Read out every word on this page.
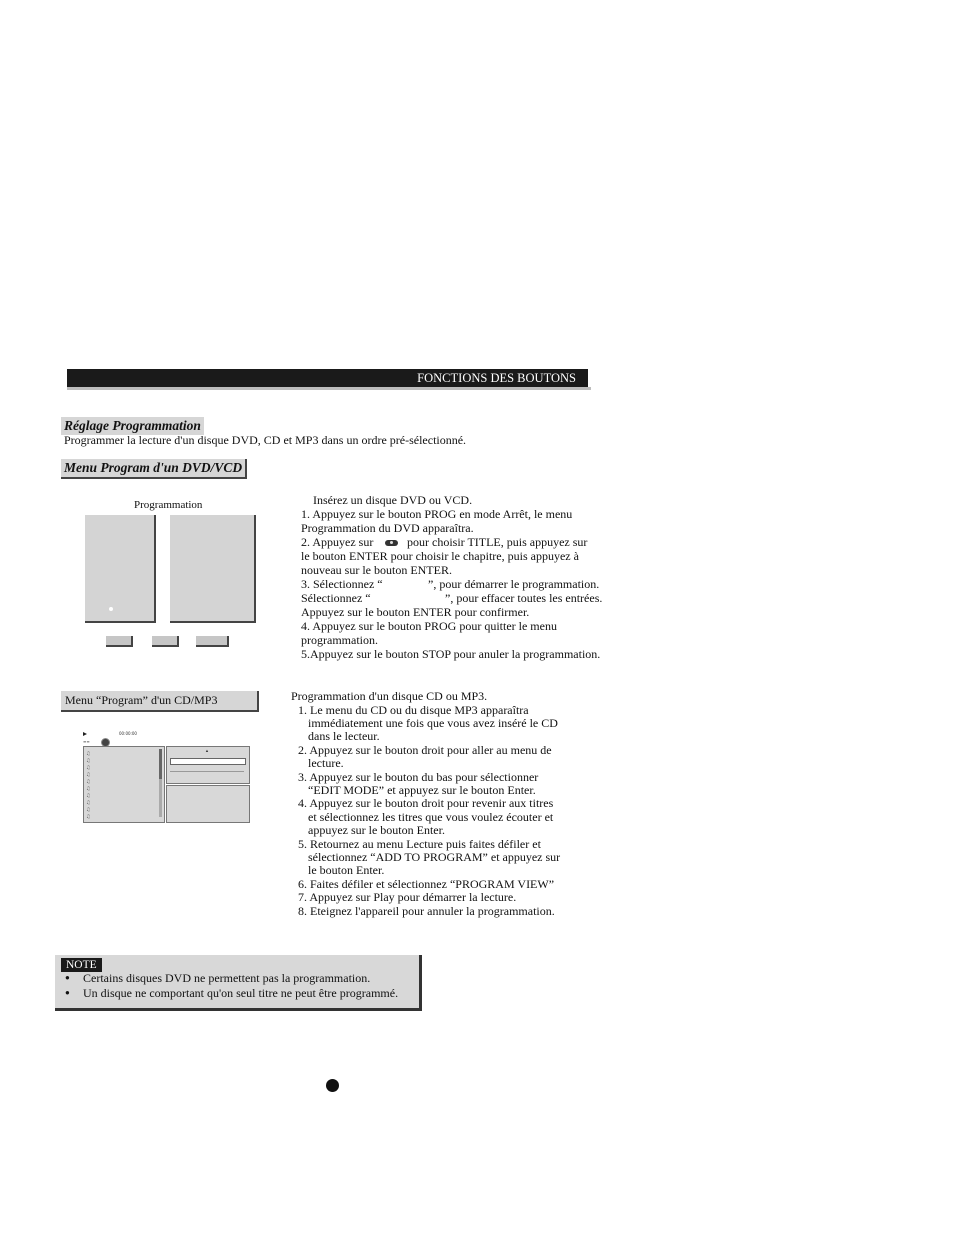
FONCTIONS DES BOUTONS
Réglage Programmation
Programmer la lecture d'un disque DVD, CD et MP3 dans un ordre pré-sélectionné.
Menu Program d'un DVD/VCD
Programmation	Insérez un disque DVD ou VCD.
1. Appuyez sur le bouton PROG en mode Arrêt, le menu
Programmation du DVD apparaîtra.
2. Appuyez sur	pour choisir TITLE, puis appuyez sur
le bouton ENTER pour choisir le chapitre, puis appuyez à
nouveau sur le bouton ENTER.
3. Sélectionnez “	”, pour démarrer le programmation.
Sélectionnez “	”, pour effacer toutes les entrées.
Appuyez sur le bouton ENTER pour confirmer.
4. Appuyez sur le bouton PROG pour quitter le menu
programmation.
5.Appuyez sur le bouton STOP pour anuler la programmation.
Menu “Program” d'un CD/MP3
00:00:00
≡≡
♫
♫
♫
♫
♫
♫
♫
♫
♫
♫
▲
Programmation d'un disque CD ou MP3.
1. Le menu du CD ou du disque MP3 apparaîtra
immédiatement une fois que vous avez inséré le CD
dans le lecteur.
2. Appuyez sur le bouton droit pour aller au menu de
lecture.
3. Appuyez sur le bouton du bas pour sélectionner
“EDIT MODE” et appuyez sur le bouton Enter.
4. Appuyez sur le bouton droit pour revenir aux titres
et sélectionnez les titres que vous voulez écouter et
appuyez sur le bouton Enter.
5. Retournez au menu Lecture puis faites défiler et
sélectionnez “ADD TO PROGRAM” et appuyez sur
le bouton Enter.
6. Faites défiler et sélectionnez “PROGRAM VIEW”
7. Appuyez sur Play pour démarrer la lecture.
8. Eteignez l'appareil pour annuler la programmation.
NOTE
● Certains disques DVD ne permettent pas la programmation.
● Un disque ne comportant qu'on seul titre ne peut être programmé.
